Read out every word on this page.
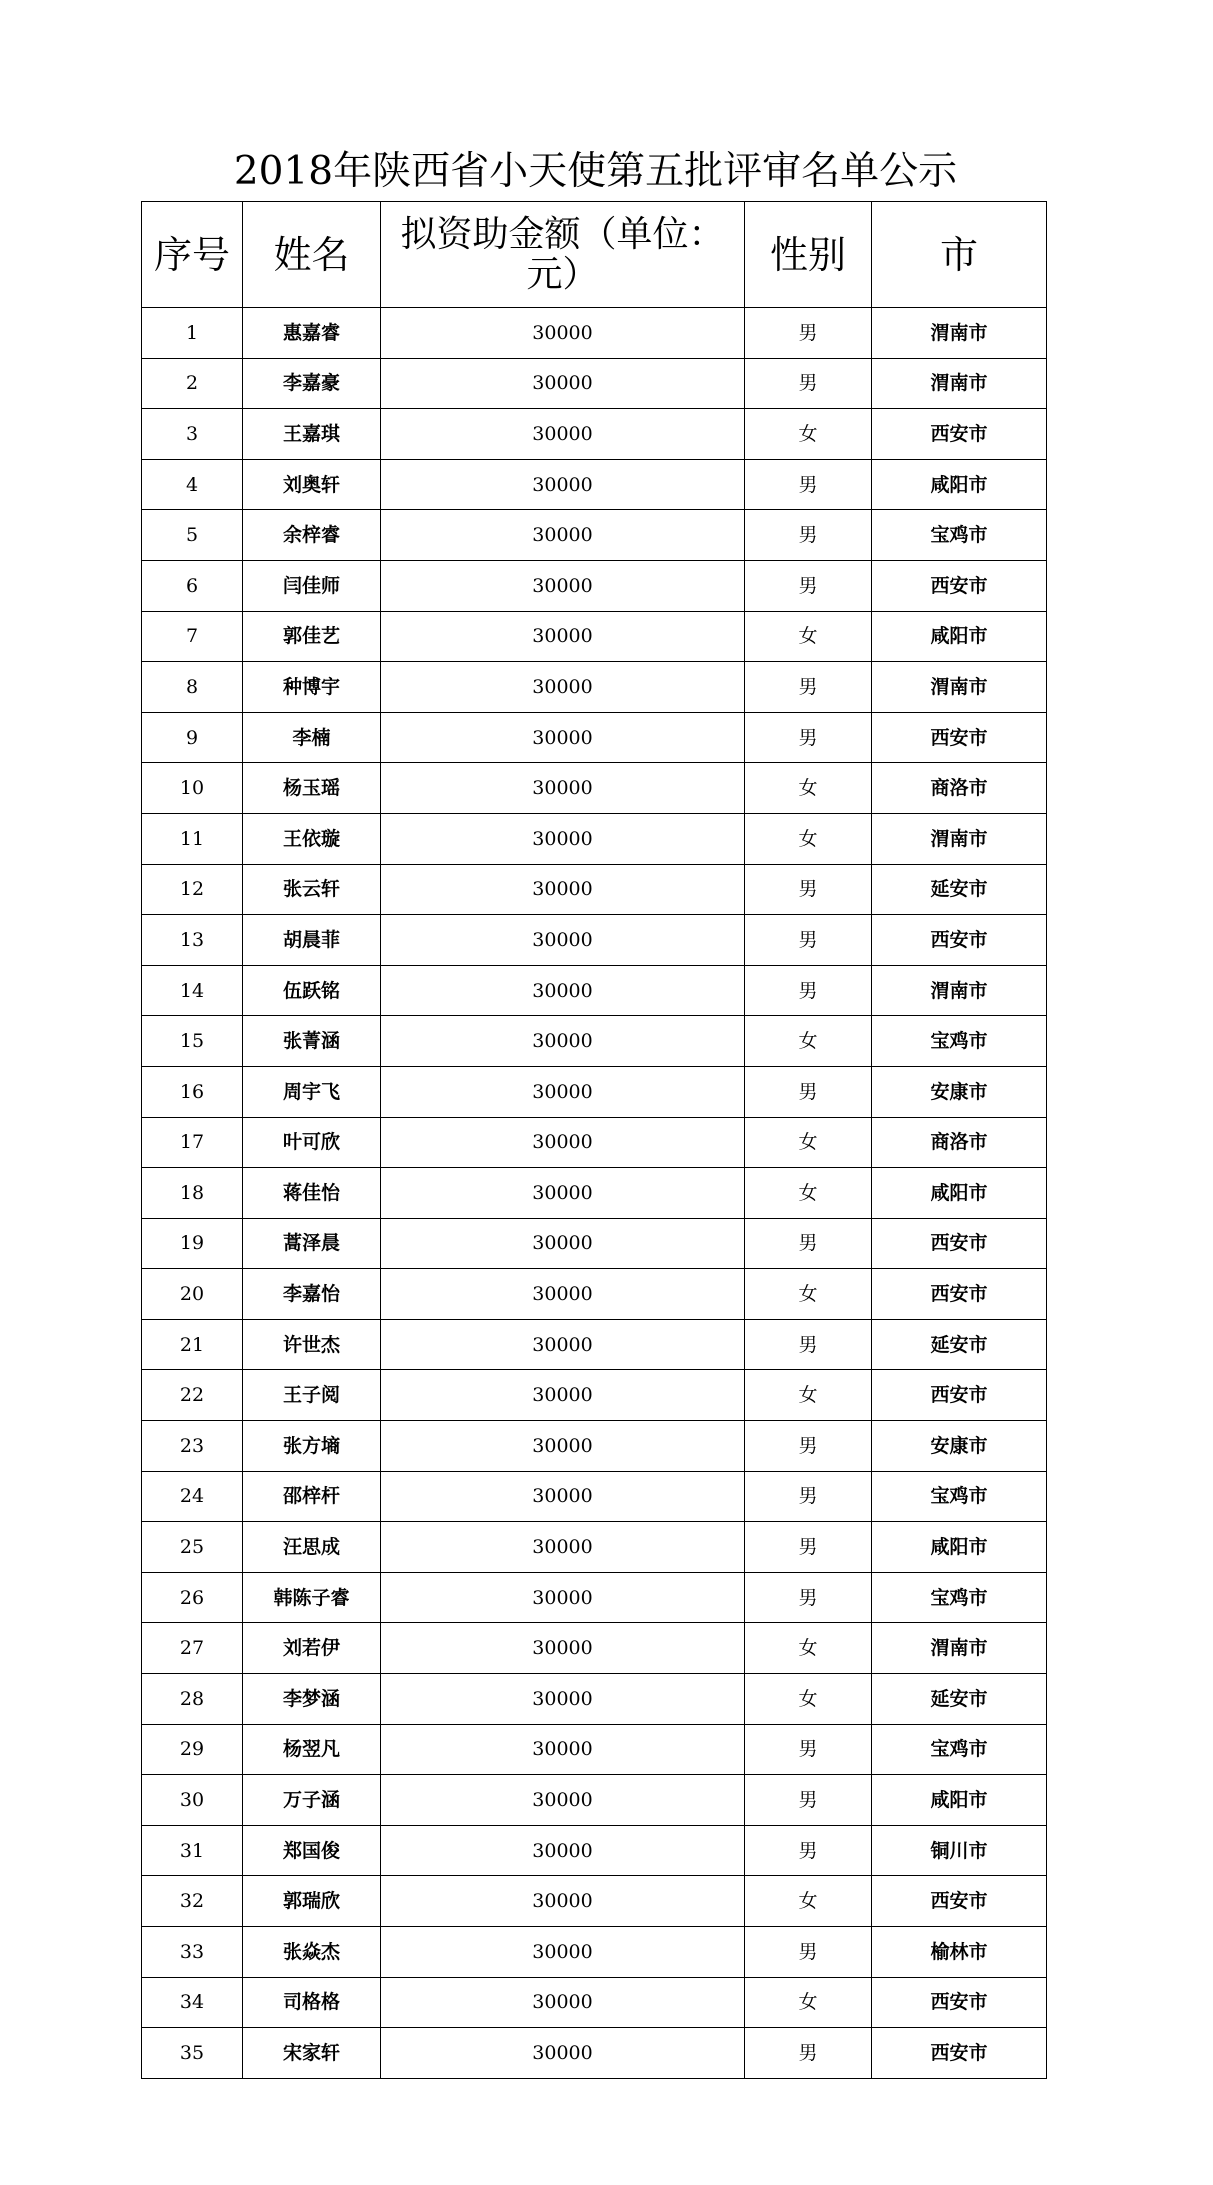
2018年陕西省小天使第五批评审名单公示
序号	姓名	拟资助金额（单位：元）	性别	市
1	惠嘉睿	30000	男	渭南市
2	李嘉豪	30000	男	渭南市
3	王嘉琪	30000	女	西安市
4	刘奥轩	30000	男	咸阳市
5	余梓睿	30000	男	宝鸡市
6	闫佳师	30000	男	西安市
7	郭佳艺	30000	女	咸阳市
8	种博宇	30000	男	渭南市
9	李楠	30000	男	西安市
10	杨玉瑶	30000	女	商洛市
11	王依璇	30000	女	渭南市
12	张云轩	30000	男	延安市
13	胡晨菲	30000	男	西安市
14	伍跃铭	30000	男	渭南市
15	张菁涵	30000	女	宝鸡市
16	周宇飞	30000	男	安康市
17	叶可欣	30000	女	商洛市
18	蒋佳怡	30000	女	咸阳市
19	蒿泽晨	30000	男	西安市
20	李嘉怡	30000	女	西安市
21	许世杰	30000	男	延安市
22	王子阅	30000	女	西安市
23	张方墒	30000	男	安康市
24	邵梓杆	30000	男	宝鸡市
25	汪思成	30000	男	咸阳市
26	韩陈子睿	30000	男	宝鸡市
27	刘若伊	30000	女	渭南市
28	李梦涵	30000	女	延安市
29	杨翌凡	30000	男	宝鸡市
30	万子涵	30000	男	咸阳市
31	郑国俊	30000	男	铜川市
32	郭瑞欣	30000	女	西安市
33	张焱杰	30000	男	榆林市
34	司格格	30000	女	西安市
35	宋家轩	30000	男	西安市
